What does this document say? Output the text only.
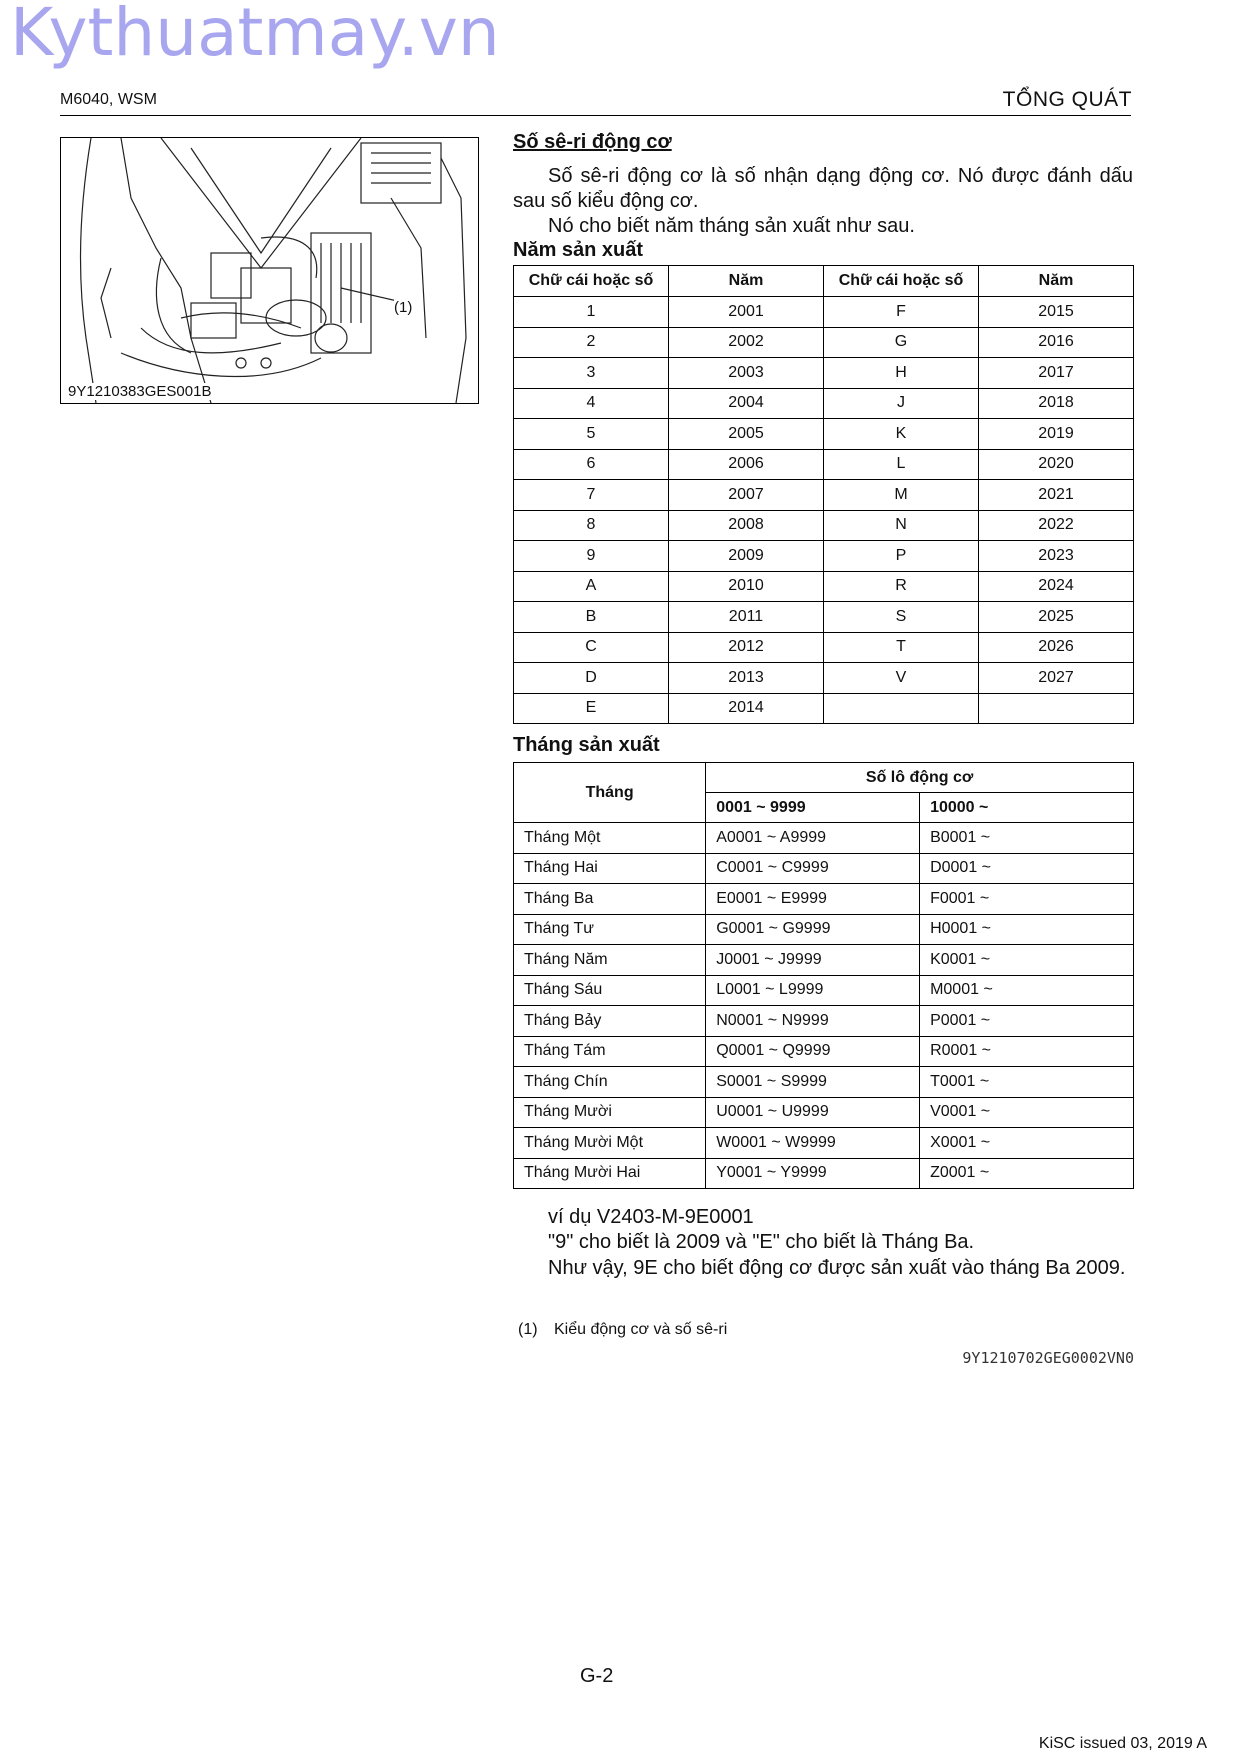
Kythuatmay.vn
M6040, WSM	TỔNG QUÁT
(1)
9Y1210383GES001B
Số sê-ri động cơ
Số sê-ri động cơ là số nhận dạng động cơ. Nó được đánh dấu sau số kiểu động cơ.
Nó cho biết năm tháng sản xuất như sau.
Năm sản xuất
Chữ cái hoặc số	Năm	Chữ cái hoặc số	Năm
1	2001	F	2015
2	2002	G	2016
3	2003	H	2017
4	2004	J	2018
5	2005	K	2019
6	2006	L	2020
7	2007	M	2021
8	2008	N	2022
9	2009	P	2023
A	2010	R	2024
B	2011	S	2025
C	2012	T	2026
D	2013	V	2027
E	2014		
Tháng sản xuất
Tháng	Số lô động cơ	
	0001 ~ 9999	10000 ~
Tháng Một	A0001 ~ A9999	B0001 ~
Tháng Hai	C0001 ~ C9999	D0001 ~
Tháng Ba	E0001 ~ E9999	F0001 ~
Tháng Tư	G0001 ~ G9999	H0001 ~
Tháng Năm	J0001 ~ J9999	K0001 ~
Tháng Sáu	L0001 ~ L9999	M0001 ~
Tháng Bảy	N0001 ~ N9999	P0001 ~
Tháng Tám	Q0001 ~ Q9999	R0001 ~
Tháng Chín	S0001 ~ S9999	T0001 ~
Tháng Mười	U0001 ~ U9999	V0001 ~
Tháng Mười Một	W0001 ~ W9999	X0001 ~
Tháng Mười Hai	Y0001 ~ Y9999	Z0001 ~
ví dụ V2403-M-9E0001
"9" cho biết là 2009 và "E" cho biết là Tháng Ba.
Như vậy, 9E cho biết động cơ được sản xuất vào tháng Ba 2009.
(1) Kiểu động cơ và số sê-ri
9Y1210702GEG0002VN0
G-2
KiSC issued 03, 2019 A
